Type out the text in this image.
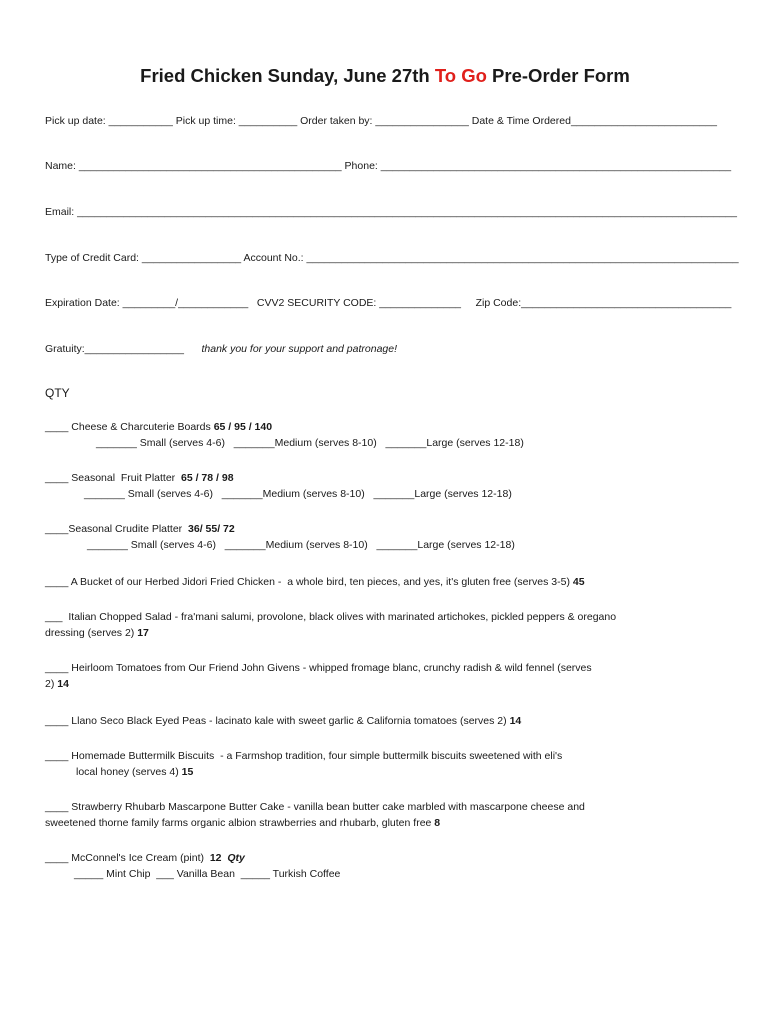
Fried Chicken Sunday, June 27th To Go Pre-Order Form
Pick up date: ___________ Pick up time: __________ Order taken by: ________________ Date & Time Ordered_________________________
Name: _____________________________________________ Phone: ____________________________________________________________
Email: _________________________________________________________________________________________________________________
Type of Credit Card: _________________ Account No.: __________________________________________________________________________
Expiration Date: _________/____________   CVV2 SECURITY CODE: ______________     Zip Code:____________________________________
Gratuity:_________________ thank you for your support and patronage!
QTY
____ Cheese & Charcuterie Boards 65 / 95 / 140
_______ Small (serves 4-6)   _______Medium (serves 8-10)   _______Large (serves 12-18)
____ Seasonal  Fruit Platter  65 / 78 / 98
_______ Small (serves 4-6)   _______Medium (serves 8-10)   _______Large (serves 12-18)
____Seasonal Crudite Platter  36/ 55/ 72
_______ Small (serves 4-6)   _______Medium (serves 8-10)   _______Large (serves 12-18)
____ A Bucket of our Herbed Jidori Fried Chicken -  a whole bird, ten pieces, and yes, it's gluten free (serves 3-5) 45
___  Italian Chopped Salad - fra'mani salumi, provolone, black olives with marinated artichokes, pickled peppers & oregano
dressing (serves 2) 17
____ Heirloom Tomatoes from Our Friend John Givens - whipped fromage blanc, crunchy radish & wild fennel (serves
2) 14
____ Llano Seco Black Eyed Peas - lacinato kale with sweet garlic & California tomatoes (serves 2) 14
____ Homemade Buttermilk Biscuits  - a Farmshop tradition, four simple buttermilk biscuits sweetened with eli's
local honey (serves 4) 15
____ Strawberry Rhubarb Mascarpone Butter Cake - vanilla bean butter cake marbled with mascarpone cheese and
sweetened thorne family farms organic albion strawberries and rhubarb, gluten free 8
____ McConnel's Ice Cream (pint)  12 Qty
_____ Mint Chip  ___ Vanilla Bean  _____ Turkish Coffee
